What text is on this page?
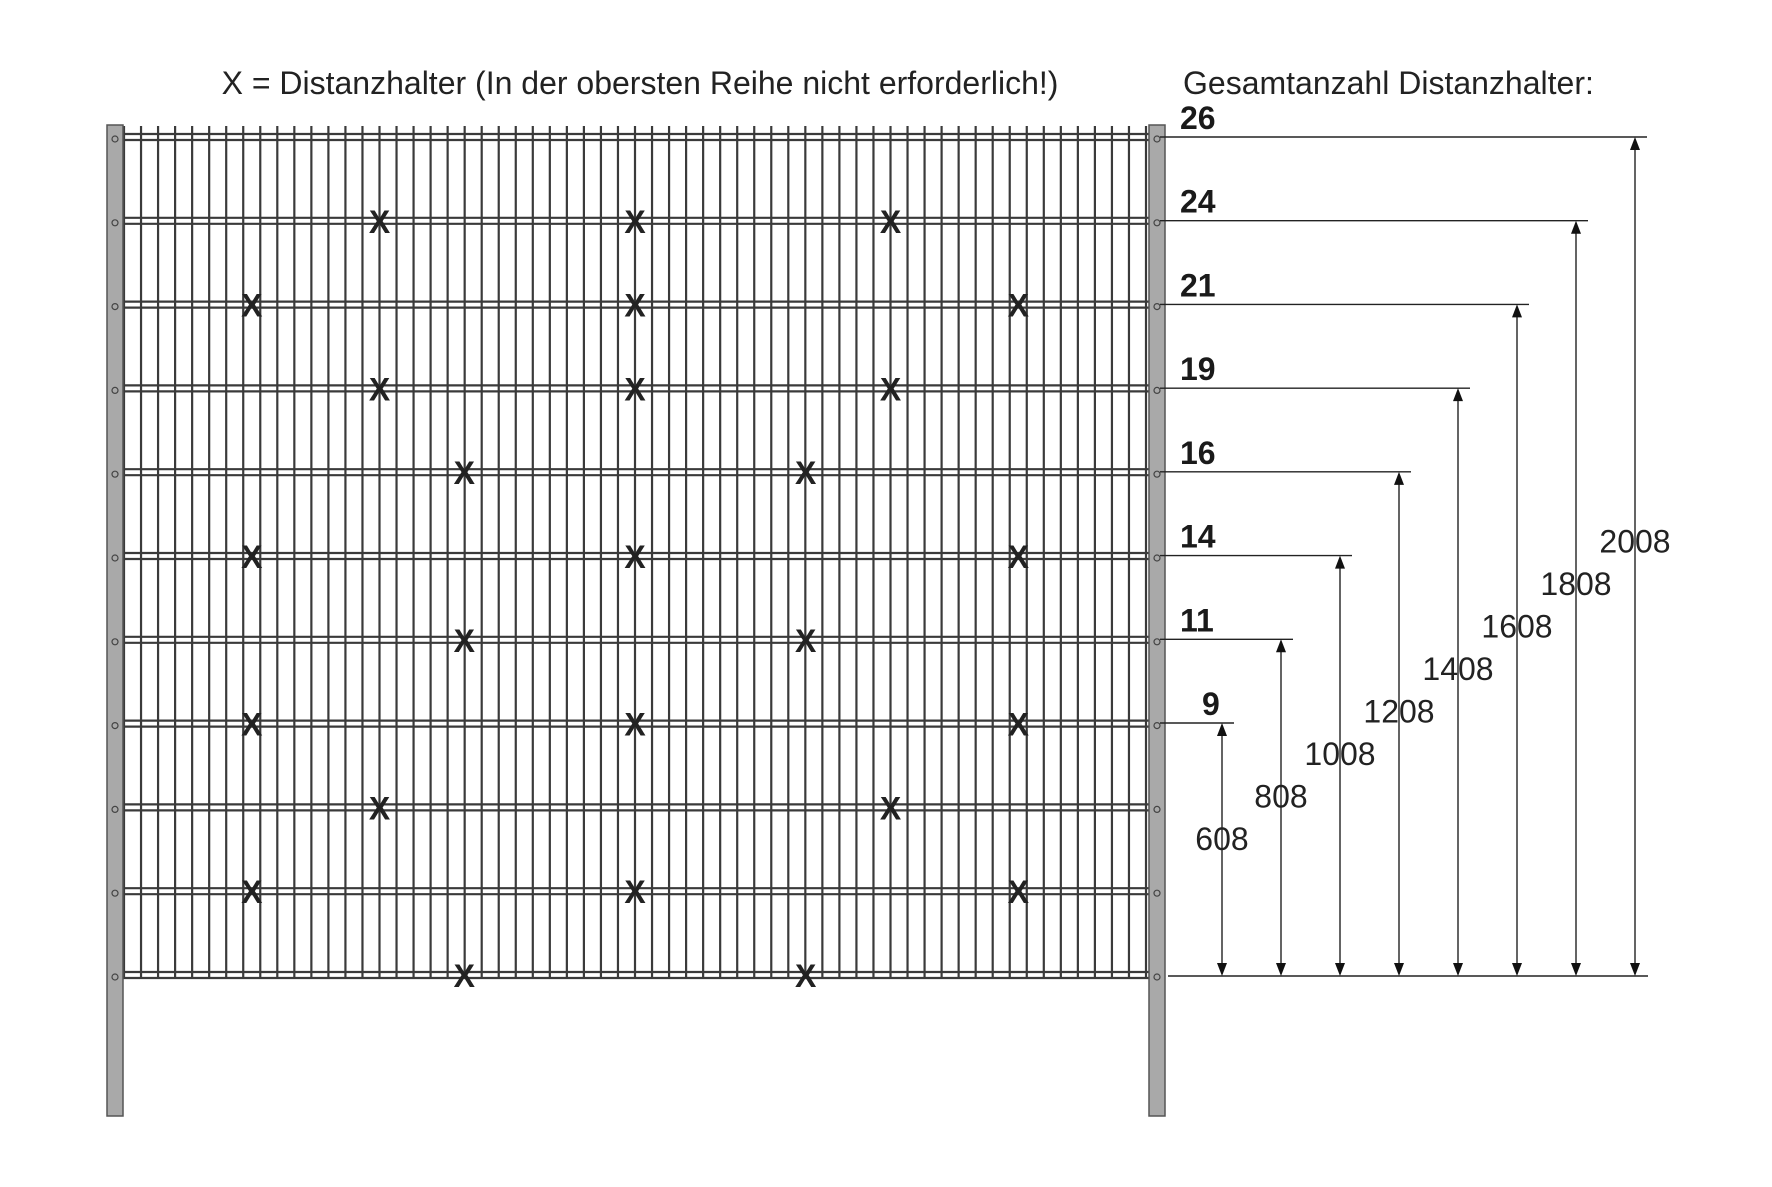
X = Distanzhalter (In der obersten Reihe nicht erforderlich!)	Gesamtanzahl Distanzhalter:
X	X	X
X	X	X
X	X	X
X	X
X	X	X
X	X
X	X	X
X	X
X	X	X
X	X
9
608
11
808
14
1008
16
1208
19
1408
21
1608
24
1808
26
2008
